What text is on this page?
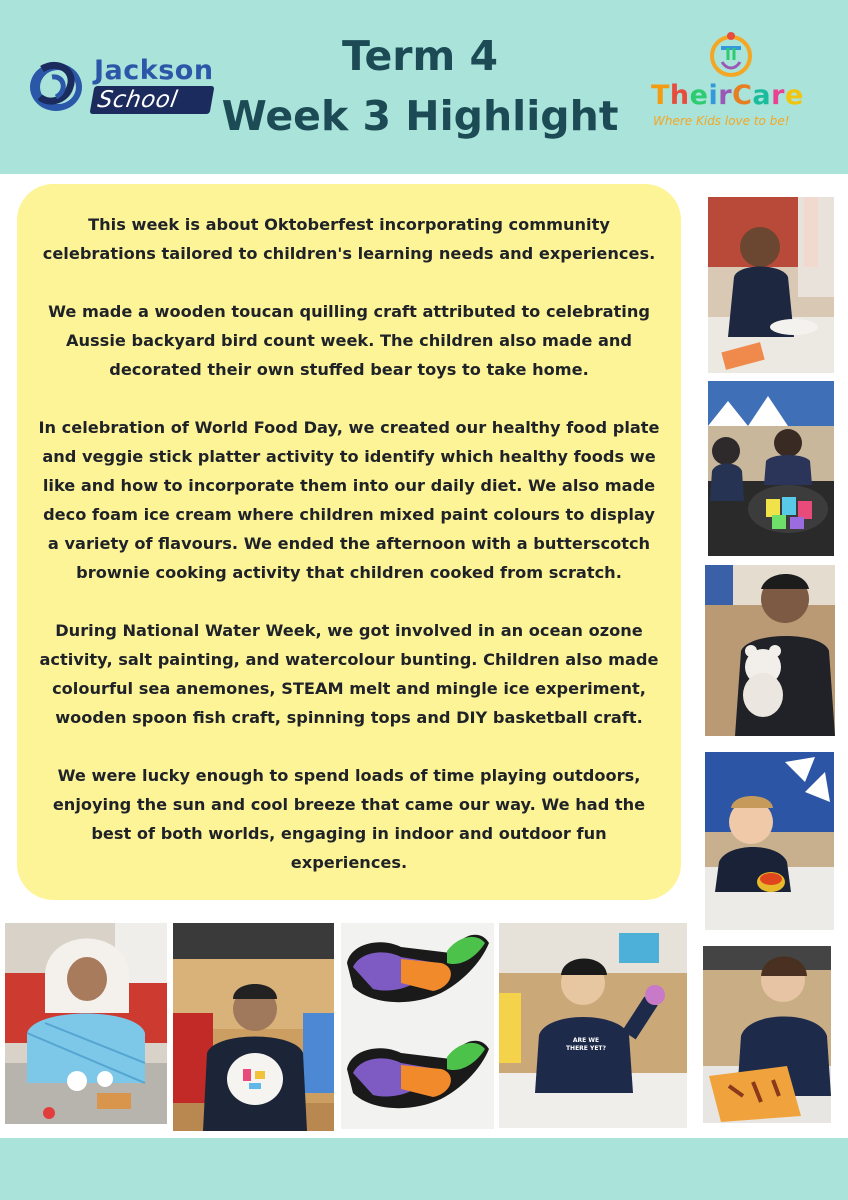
Jackson
School
Term 4
Week 3 Highlight	TheirCare
Where Kids love to be!

This week is about Oktoberfest incorporating community celebrations tailored to children's learning needs and experiences.

We made a wooden toucan quilling craft attributed to celebrating Aussie backyard bird count week. The children also made and decorated their own stuffed bear toys to take home.

In celebration of World Food Day, we created our healthy food plate and veggie stick platter activity to identify which healthy foods we like and how to incorporate them into our daily diet. We also made deco foam ice cream where children mixed paint colours to display a variety of flavours. We ended the afternoon with a butterscotch brownie cooking activity that children cooked from scratch.

During National Water Week, we got involved in an ocean ozone activity, salt painting, and watercolour bunting. Children also made colourful sea anemones, STEAM melt and mingle ice experiment, wooden spoon fish craft, spinning tops and DIY basketball craft.

We were lucky enough to spend loads of time playing outdoors, enjoying the sun and cool breeze that came our way. We had the best of both worlds, engaging in indoor and outdoor fun experiences.

ARE WE THERE YET?
